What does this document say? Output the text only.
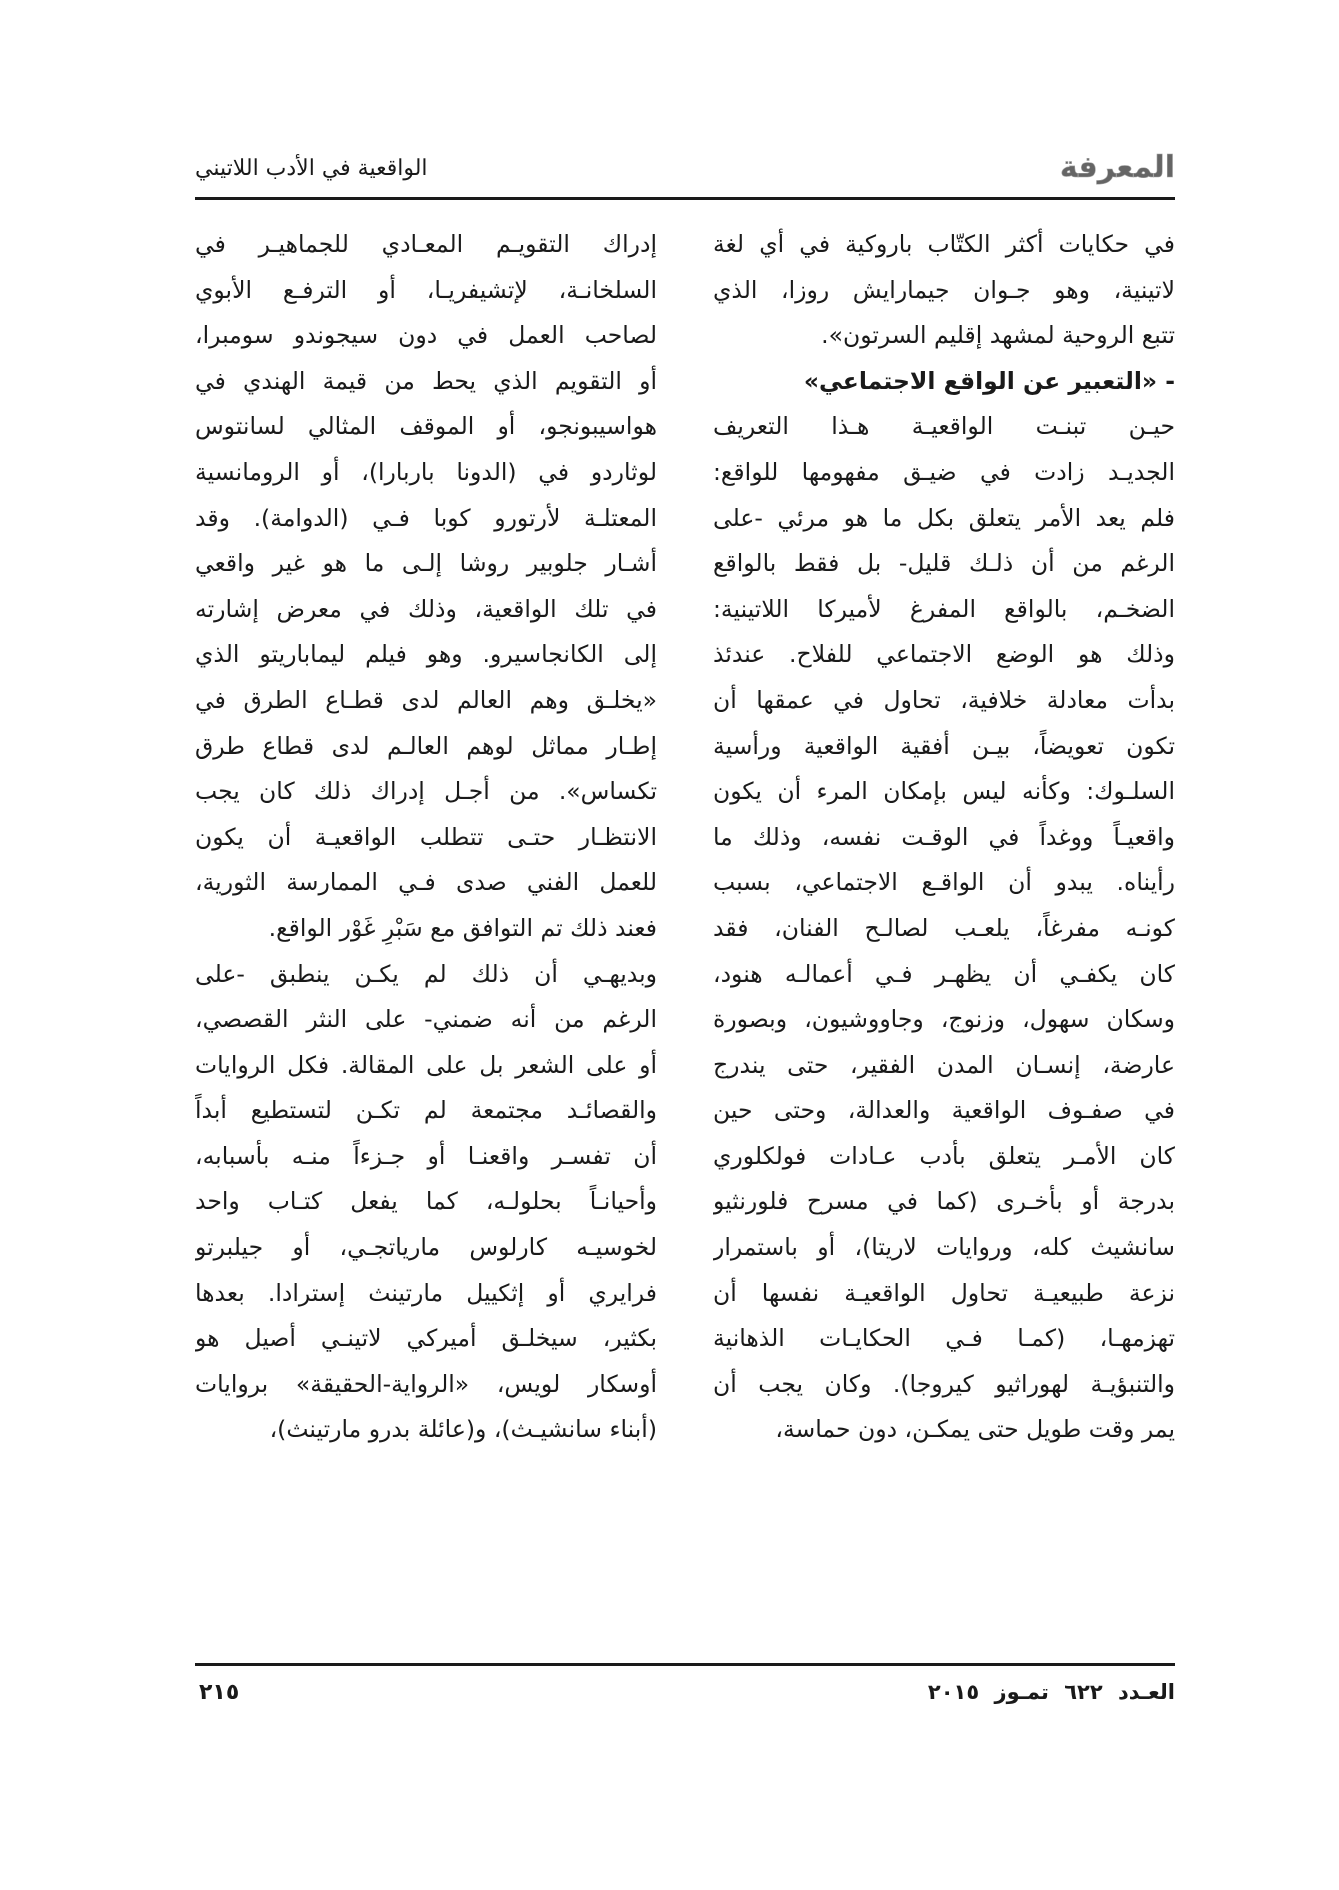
المعرفة
الواقعية في الأدب اللاتيني
في حكايات أكثر الكتّاب باروكية في أي لغة
لاتينية، وهو جـوان جيمارايش روزا، الذي
تتبع الروحية لمشهد إقليم السرتون».
- «التعبير عن الواقع الاجتماعي»
حيـن تبنـت الواقعيـة هـذا التعريف
الجديـد زادت في ضيـق مفهومها للواقع:
فلم يعد الأمر يتعلق بكل ما هو مرئي -على
الرغم من أن ذلـك قليل- بل فقط بالواقع
الضخـم، بالواقع المفرغ لأميركا اللاتينية:
وذلك هو الوضع الاجتماعي للفلاح. عندئذ
بدأت معادلة خلافية، تحاول في عمقها أن
تكون تعويضاً، بيـن أفقية الواقعية ورأسية
السلـوك: وكأنه ليس بإمكان المرء أن يكون
واقعيـاً ووغداً في الوقـت نفسه، وذلك ما
رأيناه. يبدو أن الواقـع الاجتماعي، بسبب
كونـه مفرغاً، يلعـب لصالـح الفنان، فقد
كان يكفـي أن يظهـر فـي أعمالـه هنود،
وسكان سهول، وزنوج، وجاووشيون، وبصورة
عارضة، إنسـان المدن الفقير، حتى يندرج
في صفـوف الواقعية والعدالة، وحتى حين
كان الأمـر يتعلق بأدب عـادات فولكلوري
بدرجة أو بأخـرى (كما في مسرح فلورنثيو
سانشيث كله، وروايات لاريتا)، أو باستمرار
نزعة طبيعيـة تحاول الواقعيـة نفسها أن
تهزمهـا، (كمـا فـي الحكايـات الذهانية
والتنبؤيـة لهوراثيو كيروجا). وكان يجب أن
يمر وقت طويل حتى يمكـن، دون حماسة،
إدراك التقويـم المعـادي للجماهيـر في
السلخانـة، لإتشيفريـا، أو الترفـع الأبوي
لصاحب العمل في دون سيجوندو سومبرا،
أو التقويم الذي يحط من قيمة الهندي في
هواسيبونجو، أو الموقف المثالي لسانتوس
لوثاردو في (الدونا باربارا)، أو الرومانسية
المعتلـة لأرتورو كوبا فـي (الدوامة). وقد
أشـار جلوبير روشا إلـى ما هو غير واقعي
في تلك الواقعية، وذلك في معرض إشارته
إلى الكانجاسيرو. وهو فيلم ليماباريتو الذي
«يخلـق وهم العالم لدى قطـاع الطرق في
إطـار مماثل لوهم العالـم لدى قطاع طرق
تكساس». من أجـل إدراك ذلك كان يجب
الانتظـار حتـى تتطلب الواقعيـة أن يكون
للعمل الفني صدى فـي الممارسة الثورية،
فعند ذلك تم التوافق مع سَبْرِ غَوْر الواقع.
وبديهـي أن ذلك لم يكـن ينطبق -على
الرغم من أنه ضمني- على النثر القصصي،
أو على الشعر بل على المقالة. فكل الروايات
والقصائـد مجتمعة لم تكـن لتستطيع أبداً
أن تفسـر واقعنـا أو جـزءاً منـه بأسبابه،
وأحيانـاً بحلولـه، كما يفعل كتـاب واحد
لخوسيـه كارلوس مارياتجـي، أو جيلبرتو
فرايري أو إثكييل مارتينث إسترادا. بعدها
بكثير، سيخلـق أميركي لاتينـي أصيل هو
أوسكار لويس، «الرواية-الحقيقة» بروايات
(أبناء سانشيـث)، و(عائلة بدرو مارتينث)،
العـدد ٦٢٢ تمـوز ٢٠١٥
٢١٥
